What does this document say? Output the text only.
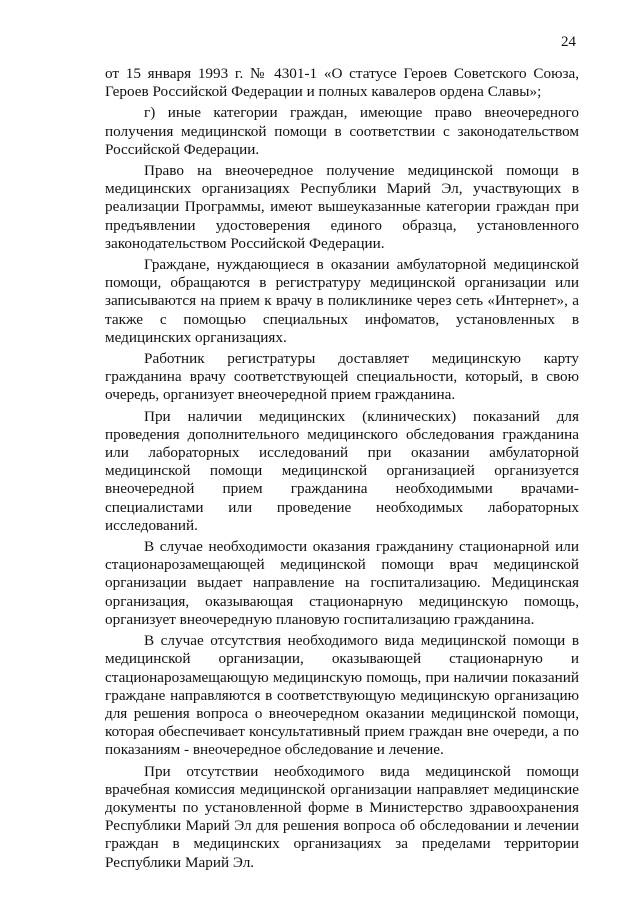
24

от 15 января 1993 г. № 4301-1 «О статусе Героев Советского Союза, Героев Российской Федерации и полных кавалеров ордена Славы»;

г) иные категории граждан, имеющие право внеочередного получения медицинской помощи в соответствии с законодательством Российской Федерации.

Право на внеочередное получение медицинской помощи в медицинских организациях Республики Марий Эл, участвующих в реализации Программы, имеют вышеуказанные категории граждан при предъявлении удостоверения единого образца, установленного законодательством Российской Федерации.

Граждане, нуждающиеся в оказании амбулаторной медицинской помощи, обращаются в регистратуру медицинской организации или записываются на прием к врачу в поликлинике через сеть «Интернет», а также с помощью специальных инфоматов, установленных в медицинских организациях.

Работник регистратуры доставляет медицинскую карту гражданина врачу соответствующей специальности, который, в свою очередь, организует внеочередной прием гражданина.

При наличии медицинских (клинических) показаний для проведения дополнительного медицинского обследования гражданина или лабораторных исследований при оказании амбулаторной медицинской помощи медицинской организацией организуется внеочередной прием гражданина необходимыми врачами-специалистами или проведение необходимых лабораторных исследований.

В случае необходимости оказания гражданину стационарной или стационарозамещающей медицинской помощи врач медицинской организации выдает направление на госпитализацию. Медицинская организация, оказывающая стационарную медицинскую помощь, организует внеочередную плановую госпитализацию гражданина.

В случае отсутствия необходимого вида медицинской помощи в медицинской организации, оказывающей стационарную и стационарозамещающую медицинскую помощь, при наличии показаний граждане направляются в соответствующую медицинскую организацию для решения вопроса о внеочередном оказании медицинской помощи, которая обеспечивает консультативный прием граждан вне очереди, а по показаниям - внеочередное обследование и лечение.

При отсутствии необходимого вида медицинской помощи врачебная комиссия медицинской организации направляет медицинские документы по установленной форме в Министерство здравоохранения Республики Марий Эл для решения вопроса об обследовании и лечении граждан в медицинских организациях за пределами территории Республики Марий Эл.
